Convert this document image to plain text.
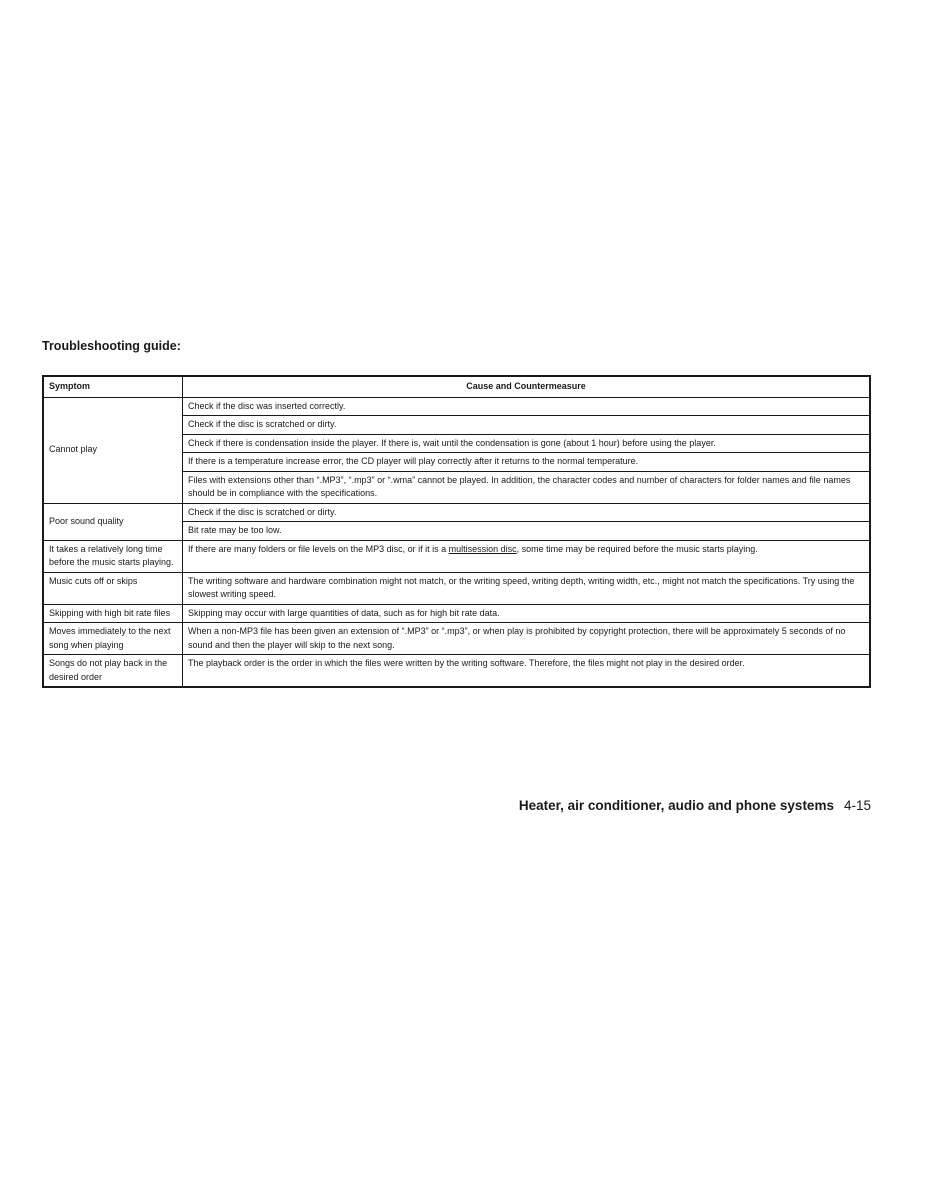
Troubleshooting guide:
Symptom	Cause and Countermeasure
Cannot play	Check if the disc was inserted correctly.
	Check if the disc is scratched or dirty.
	Check if there is condensation inside the player. If there is, wait until the condensation is gone (about 1 hour) before using the player.
	If there is a temperature increase error, the CD player will play correctly after it returns to the normal temperature.
	Files with extensions other than “.MP3”, “.mp3” or “.wma” cannot be played. In addition, the character codes and number of characters for folder names and file names should be in compliance with the specifications.
Poor sound quality	Check if the disc is scratched or dirty.
	Bit rate may be too low.
It takes a relatively long time before the music starts playing.	If there are many folders or file levels on the MP3 disc, or if it is a multisession disc, some time may be required before the music starts playing.
Music cuts off or skips	The writing software and hardware combination might not match, or the writing speed, writing depth, writing width, etc., might not match the specifications. Try using the slowest writing speed.
Skipping with high bit rate files	Skipping may occur with large quantities of data, such as for high bit rate data.
Moves immediately to the next song when playing	When a non-MP3 file has been given an extension of “.MP3” or “.mp3”, or when play is prohibited by copyright protection, there will be approximately 5 seconds of no sound and then the player will skip to the next song.
Songs do not play back in the desired order	The playback order is the order in which the files were written by the writing software. Therefore, the files might not play in the desired order.
Heater, air conditioner, audio and phone systems 4-15
